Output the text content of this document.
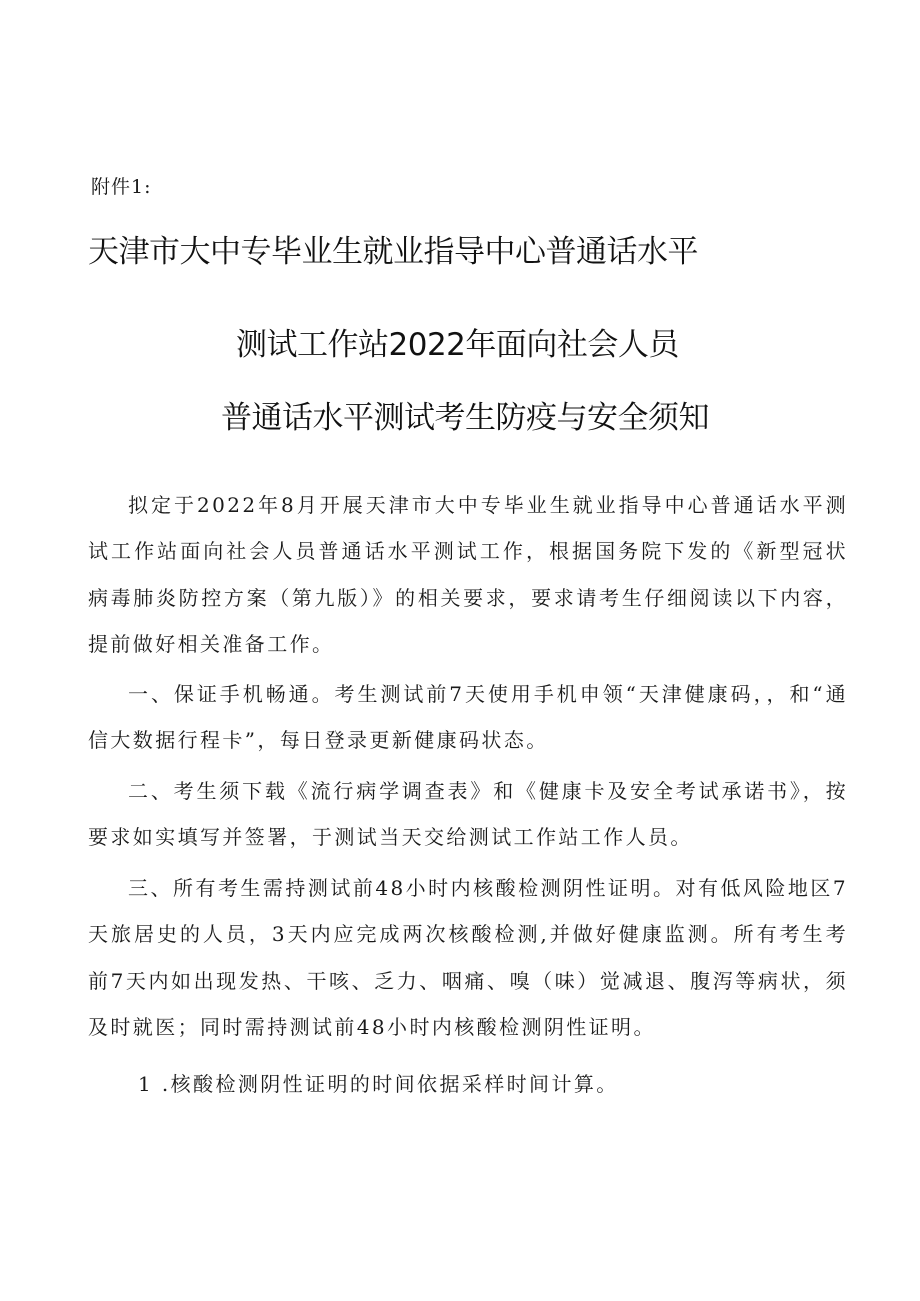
附件1:
天津市大中专毕业生就业指导中心普通话水平
测试工作站2022年面向社会人员
普通话水平测试考生防疫与安全须知
拟定于2022年8月开展天津市大中专毕业生就业指导中心普通话水平测试工作站面向社会人员普通话水平测试工作，根据国务院下发的《新型冠状病毒肺炎防控方案（第九版）》的相关要求，要求请考生仔细阅读以下内容，提前做好相关准备工作。
一、保证手机畅通。考生测试前7天使用手机申领“天津健康码，，和“通信大数据行程卡”，每日登录更新健康码状态。
二、考生须下载《流行病学调查表》和《健康卡及安全考试承诺书》，按要求如实填写并签署，于测试当天交给测试工作站工作人员。
三、所有考生需持测试前48小时内核酸检测阴性证明。对有低风险地区7天旅居史的人员，3天内应完成两次核酸检测,并做好健康监测。所有考生考前7天内如出现发热、干咳、乏力、咽痛、嗅（味）觉减退、腹泻等病状，须及时就医；同时需持测试前48小时内核酸检测阴性证明。
1 .核酸检测阴性证明的时间依据采样时间计算。
